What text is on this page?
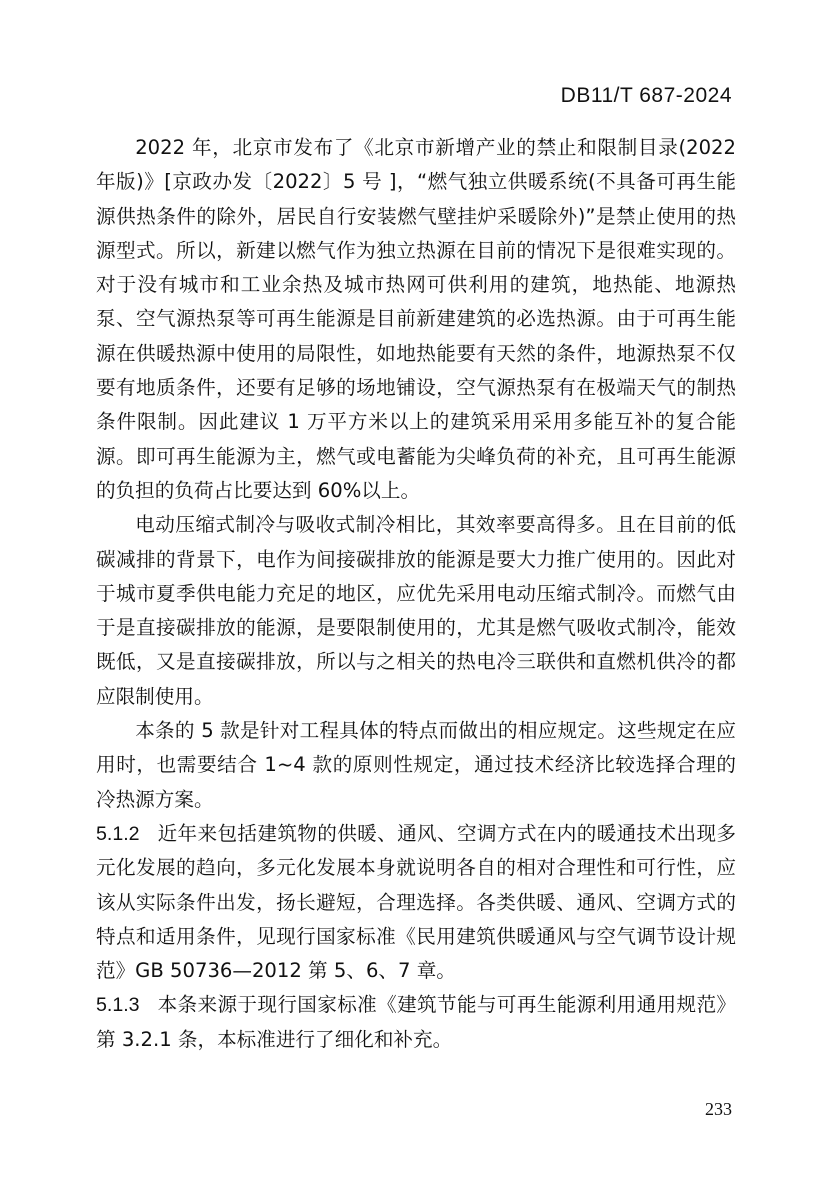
DB11/T 687-2024

2022 年，北京市发布了《北京市新增产业的禁止和限制目录(2022 年版)》[京政办发〔2022〕5 号 ]，“燃气独立供暖系统(不具备可再生能源供热条件的除外，居民自行安装燃气壁挂炉采暖除外)”是禁止使用的热源型式。所以，新建以燃气作为独立热源在目前的情况下是很难实现的。对于没有城市和工业余热及城市热网可供利用的建筑，地热能、地源热泵、空气源热泵等可再生能源是目前新建建筑的必选热源。由于可再生能源在供暖热源中使用的局限性，如地热能要有天然的条件，地源热泵不仅要有地质条件，还要有足够的场地铺设，空气源热泵有在极端天气的制热条件限制。因此建议 1 万平方米以上的建筑采用采用多能互补的复合能源。即可再生能源为主，燃气或电蓄能为尖峰负荷的补充，且可再生能源的负担的负荷占比要达到 60%以上。

电动压缩式制冷与吸收式制冷相比，其效率要高得多。且在目前的低碳减排的背景下，电作为间接碳排放的能源是要大力推广使用的。因此对于城市夏季供电能力充足的地区，应优先采用电动压缩式制冷。而燃气由于是直接碳排放的能源，是要限制使用的，尤其是燃气吸收式制冷，能效既低，又是直接碳排放，所以与之相关的热电冷三联供和直燃机供冷的都应限制使用。

本条的 5 款是针对工程具体的特点而做出的相应规定。这些规定在应用时，也需要结合 1~4 款的原则性规定，通过技术经济比较选择合理的冷热源方案。

5.1.2 近年来包括建筑物的供暖、通风、空调方式在内的暖通技术出现多元化发展的趋向，多元化发展本身就说明各自的相对合理性和可行性，应该从实际条件出发，扬长避短，合理选择。各类供暖、通风、空调方式的特点和适用条件，见现行国家标准《民用建筑供暖通风与空气调节设计规范》GB 50736—2012 第 5、6、7 章。

5.1.3 本条来源于现行国家标准《建筑节能与可再生能源利用通用规范》第 3.2.1 条，本标准进行了细化和补充。

233
